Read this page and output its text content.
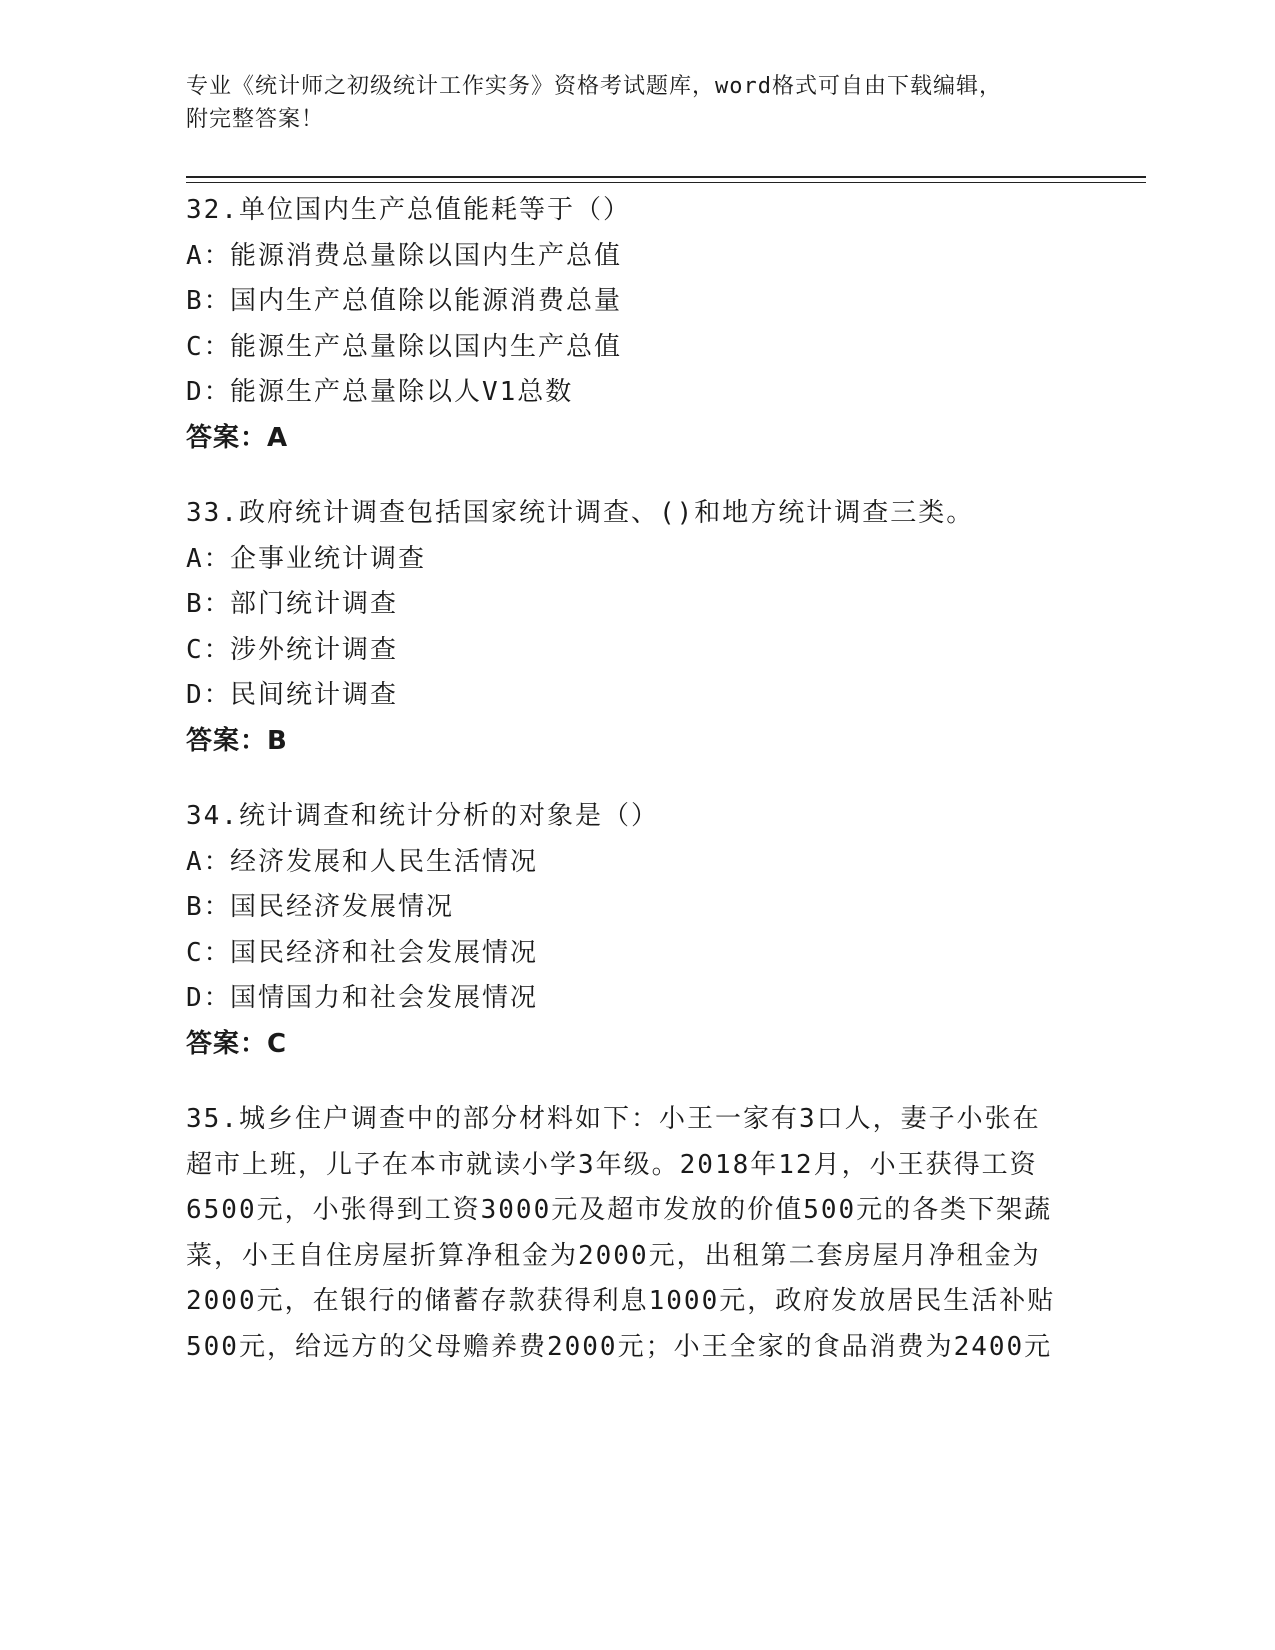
专业《统计师之初级统计工作实务》资格考试题库，word格式可自由下载编辑，
附完整答案！
32.单位国内生产总值能耗等于（）
A：能源消费总量除以国内生产总值
B：国内生产总值除以能源消费总量
C：能源生产总量除以国内生产总值
D：能源生产总量除以人V1总数
答案：A
33.政府统计调查包括国家统计调查、()和地方统计调查三类。
A：企事业统计调查
B：部门统计调查
C：涉外统计调查
D：民间统计调查
答案：B
34.统计调查和统计分析的对象是（）
A：经济发展和人民生活情况
B：国民经济发展情况
C：国民经济和社会发展情况
D：国情国力和社会发展情况
答案：C
35.城乡住户调查中的部分材料如下：小王一家有3口人，妻子小张在
超市上班，儿子在本市就读小学3年级。2018年12月，小王获得工资
6500元，小张得到工资3000元及超市发放的价值500元的各类下架蔬
菜，小王自住房屋折算净租金为2000元，出租第二套房屋月净租金为
2000元，在银行的储蓄存款获得利息1000元，政府发放居民生活补贴
500元，给远方的父母赡养费2000元；小王全家的食品消费为2400元
